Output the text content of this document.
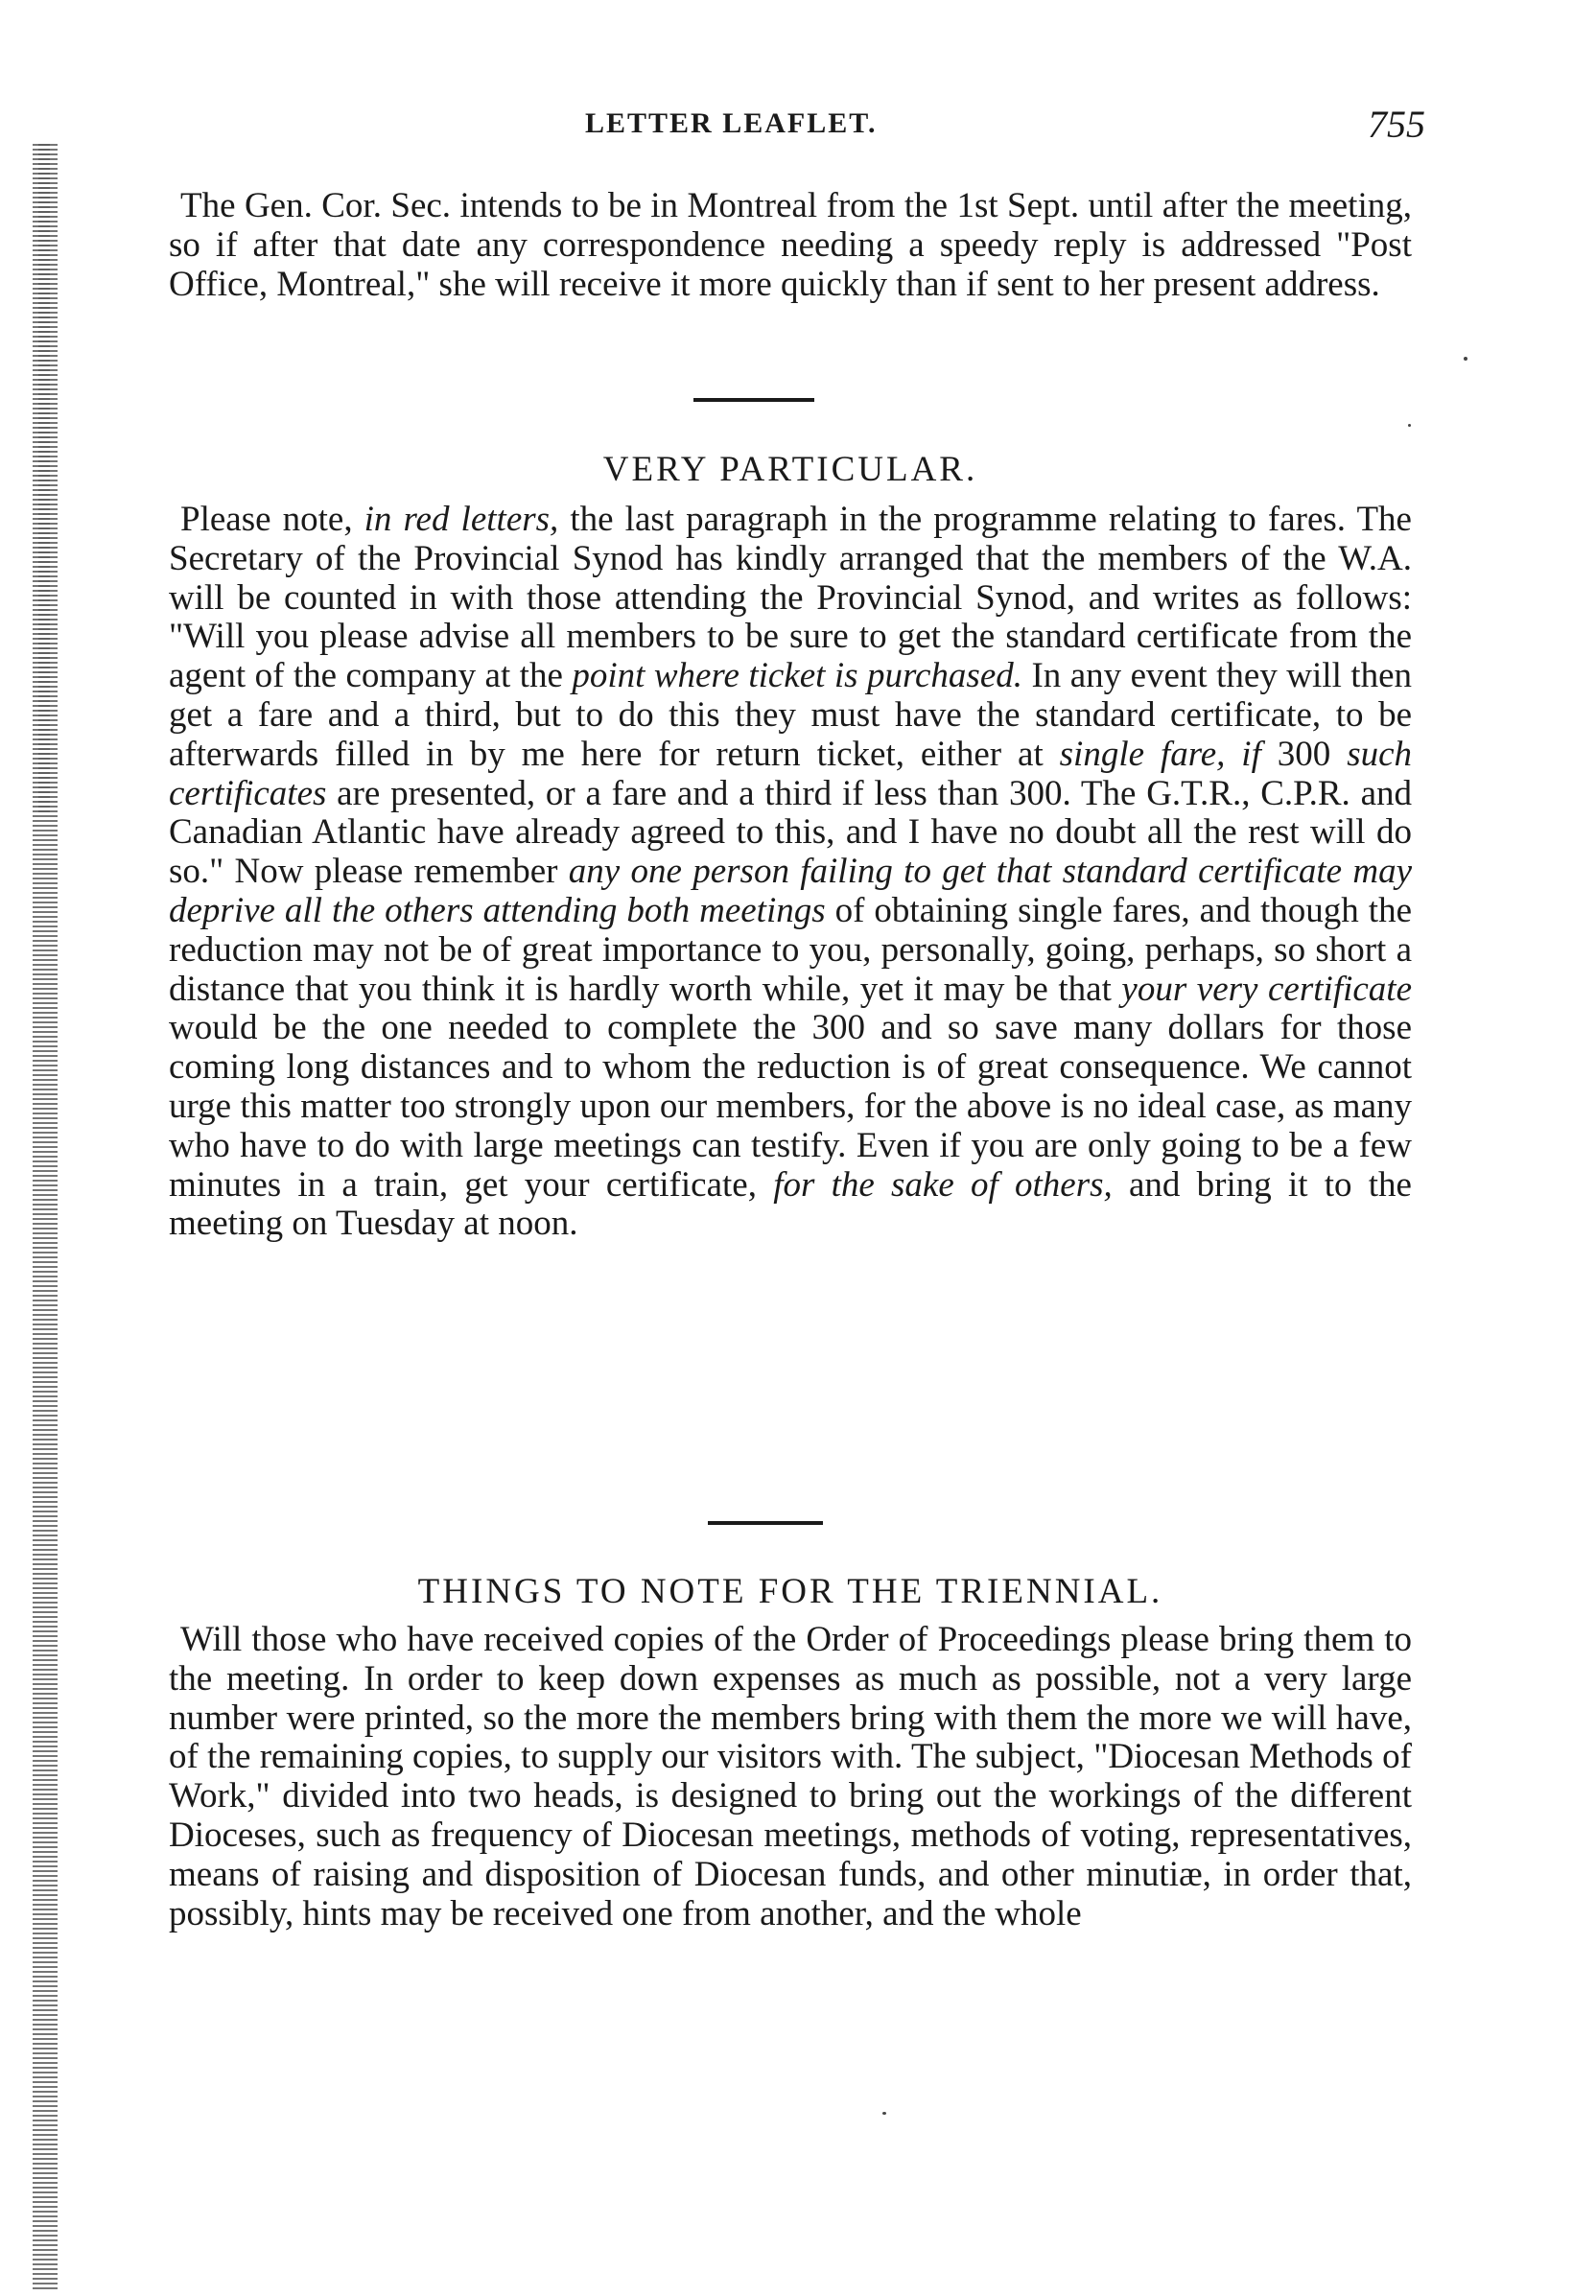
LETTER LEAFLET.	755

The Gen. Cor. Sec. intends to be in Montreal from the 1st Sept. until after the meeting, so if after that date any correspondence needing a speedy reply is addressed "Post Office, Montreal," she will receive it more quickly than if sent to her present address.

VERY PARTICULAR.

Please note, in red letters, the last paragraph in the programme relating to fares. The Secretary of the Provincial Synod has kindly arranged that the members of the W.A. will be counted in with those attending the Provincial Synod, and writes as follows: "Will you please advise all members to be sure to get the standard certificate from the agent of the company at the point where ticket is purchased. In any event they will then get a fare and a third, but to do this they must have the standard certificate, to be afterwards filled in by me here for return ticket, either at single fare, if 300 such certificates are presented, or a fare and a third if less than 300. The G.T.R., C.P.R. and Canadian Atlantic have already agreed to this, and I have no doubt all the rest will do so." Now please remember any one person failing to get that standard certificate may deprive all the others attending both meetings of obtaining single fares, and though the reduction may not be of great importance to you, personally, going, perhaps, so short a distance that you think it is hardly worth while, yet it may be that your very certificate would be the one needed to complete the 300 and so save many dollars for those coming long distances and to whom the reduction is of great consequence. We cannot urge this matter too strongly upon our members, for the above is no ideal case, as many who have to do with large meetings can testify. Even if you are only going to be a few minutes in a train, get your certificate, for the sake of others, and bring it to the meeting on Tuesday at noon.

THINGS TO NOTE FOR THE TRIENNIAL.

Will those who have received copies of the Order of Proceedings please bring them to the meeting. In order to keep down expenses as much as possible, not a very large number were printed, so the more the members bring with them the more we will have, of the remaining copies, to supply our visitors with. The subject, "Diocesan Methods of Work," divided into two heads, is designed to bring out the workings of the different Dioceses, such as frequency of Diocesan meetings, methods of voting, representatives, means of raising and disposition of Diocesan funds, and other minutiæ, in order that, possibly, hints may be received one from another, and the whole
